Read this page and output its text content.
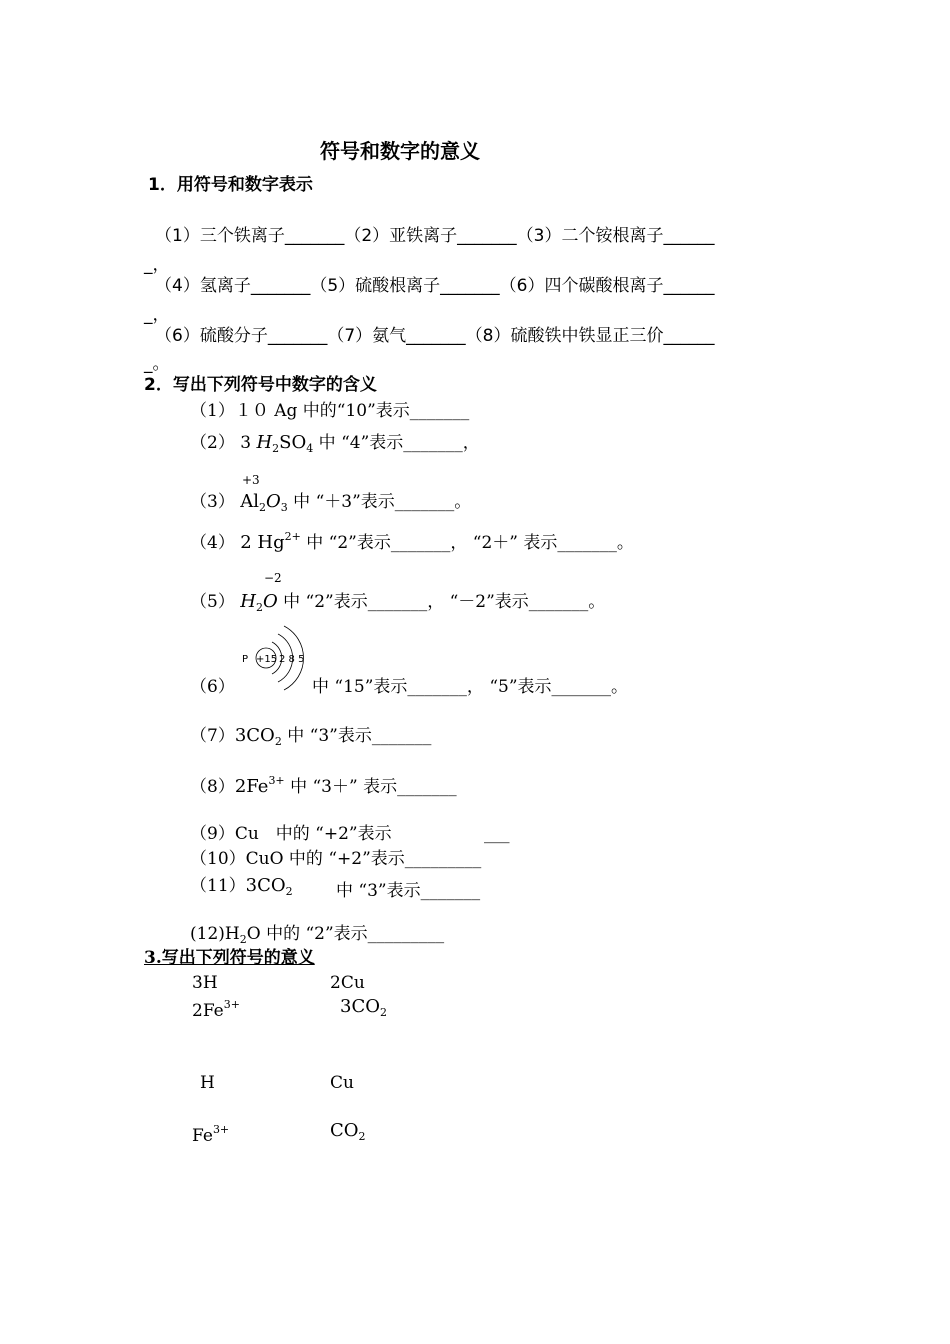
符号和数字的意义
1．用符号和数字表示
（1）三个铁离子_______（2）亚铁离子_______（3）二个铵根离子______
_，
（4）氢离子_______（5）硫酸根离子_______（6）四个碳酸根离子______
_，
（6）硫酸分子_______（7）氨气_______（8）硫酸铁中铁显正三价______
_。
2．写出下列符号中数字的含义
（1）１０ Ag 中的“10”表示_______
（2） 3 $H_2SO_4$ 中 “4”表示_______，
+3
（3） $Al_2O_3$ 中 “＋3”表示_______。
（4） 2 $Hg^{2+}$ 中 “2”表示_______， “2＋” 表示_______。
−2
（5） $H_2O$ 中 “2”表示_______， “－2”表示_______。
P +15 2 8 5
（6）	中 “15”表示_______， “5”表示_______。
$(7)3CO_2$ 中 “3”表示_______
$(8)2Fe^{3+}$ 中 “3＋” 表示_______
（9）Cu　中的 “+2”表示	___
（10）CuO 中的 “+2”表示_________
$(11)3CO_2$	中 “3”表示_______
$(12)H_2O$ 中的 “2”表示_________
3.写出下列符号的意义
3H	2Cu
$2Fe^{3+}$	$3CO_2$
H	Cu
$Fe^{3+}$	$CO_2$
